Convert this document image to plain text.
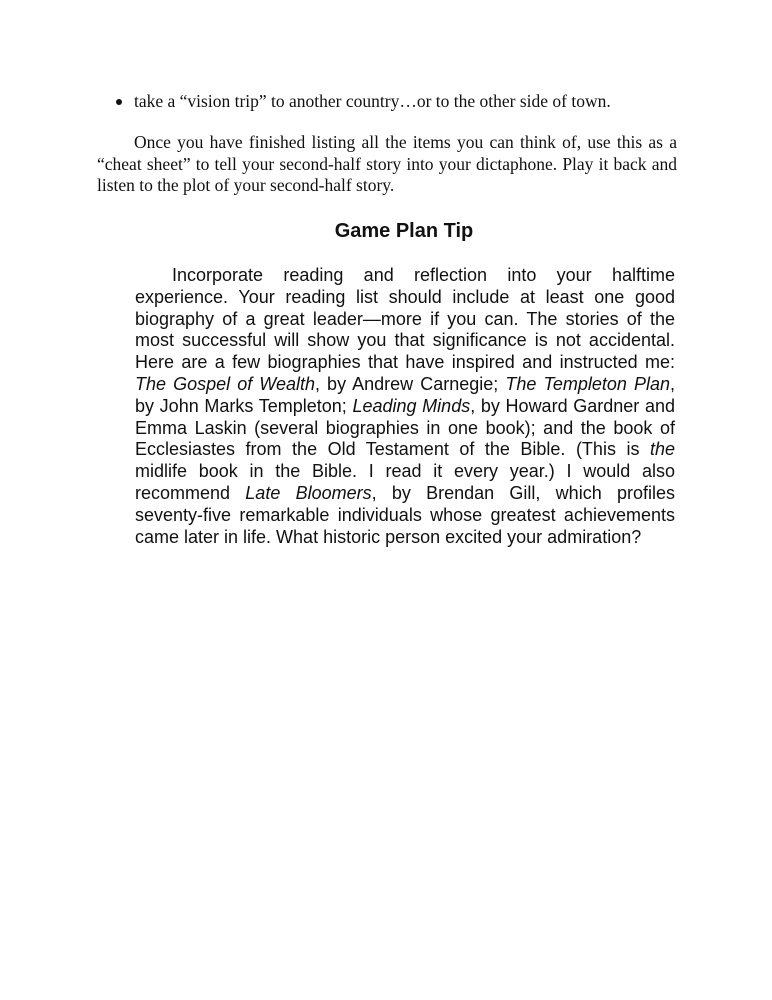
take a “vision trip” to another country…or to the other side of town.

Once you have finished listing all the items you can think of, use this as a “cheat sheet” to tell your second-half story into your dictaphone. Play it back and listen to the plot of your second-half story.

Game Plan Tip

Incorporate reading and reflection into your halftime experience. Your reading list should include at least one good biography of a great leader—more if you can. The stories of the most successful will show you that significance is not accidental. Here are a few biographies that have inspired and instructed me: The Gospel of Wealth, by Andrew Carnegie; The Templeton Plan, by John Marks Templeton; Leading Minds, by Howard Gardner and Emma Laskin (several biographies in one book); and the book of Ecclesiastes from the Old Testament of the Bible. (This is the midlife book in the Bible. I read it every year.) I would also recommend Late Bloomers, by Brendan Gill, which profiles seventy-five remarkable individuals whose greatest achievements came later in life. What historic person excited your admiration?
